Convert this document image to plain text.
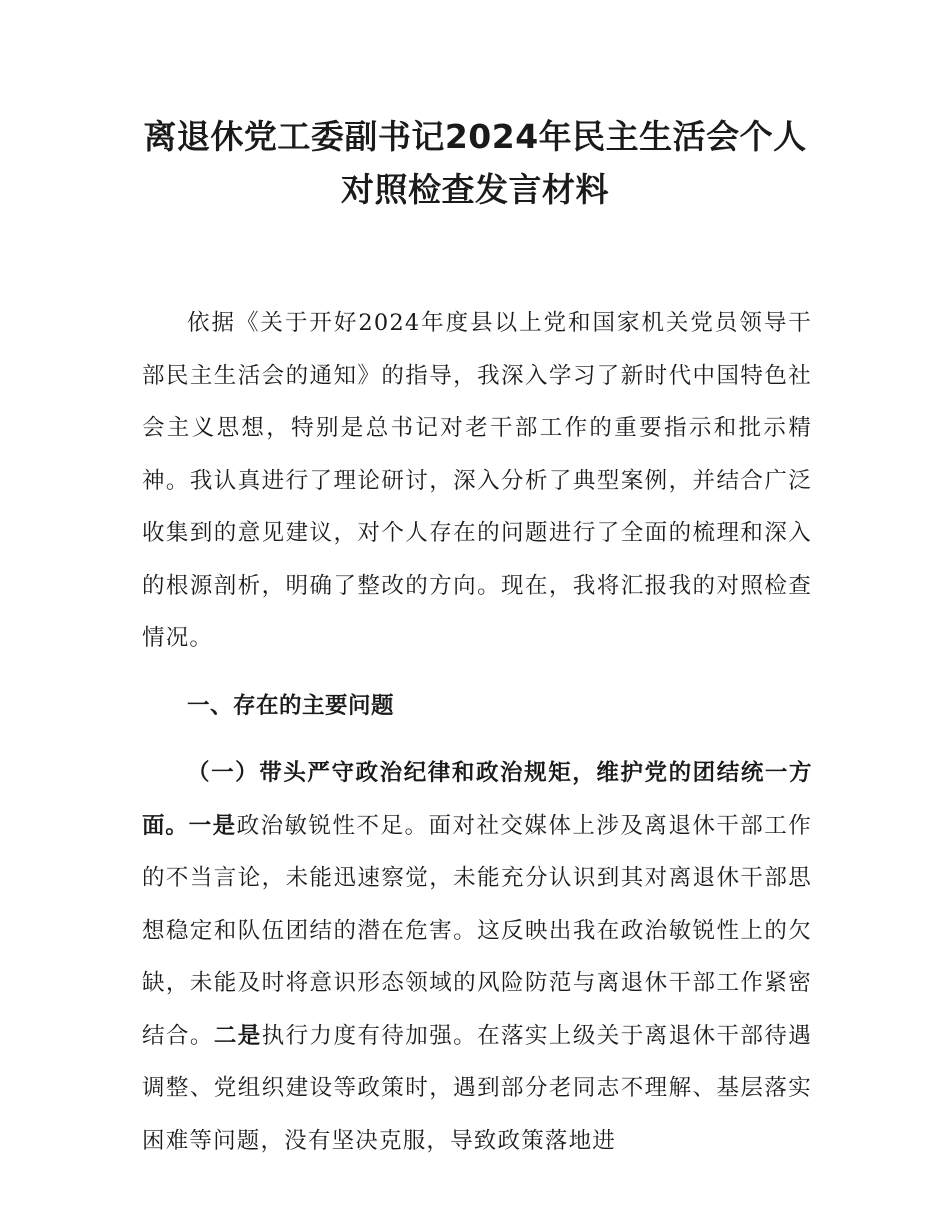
离退休党工委副书记2024年民主生活会个人
对照检查发言材料

依据《关于开好2024年度县以上党和国家机关党员领导干部民主生活会的通知》的指导，我深入学习了新时代中国特色社会主义思想，特别是总书记对老干部工作的重要指示和批示精神。我认真进行了理论研讨，深入分析了典型案例，并结合广泛收集到的意见建议，对个人存在的问题进行了全面的梳理和深入的根源剖析，明确了整改的方向。现在，我将汇报我的对照检查情况。

一、存在的主要问题

（一）带头严守政治纪律和政治规矩，维护党的团结统一方面。一是政治敏锐性不足。面对社交媒体上涉及离退休干部工作的不当言论，未能迅速察觉，未能充分认识到其对离退休干部思想稳定和队伍团结的潜在危害。这反映出我在政治敏锐性上的欠缺，未能及时将意识形态领域的风险防范与离退休干部工作紧密结合。二是执行力度有待加强。在落实上级关于离退休干部待遇调整、党组织建设等政策时，遇到部分老同志不理解、基层落实困难等问题，没有坚决克服，导致政策落地进
